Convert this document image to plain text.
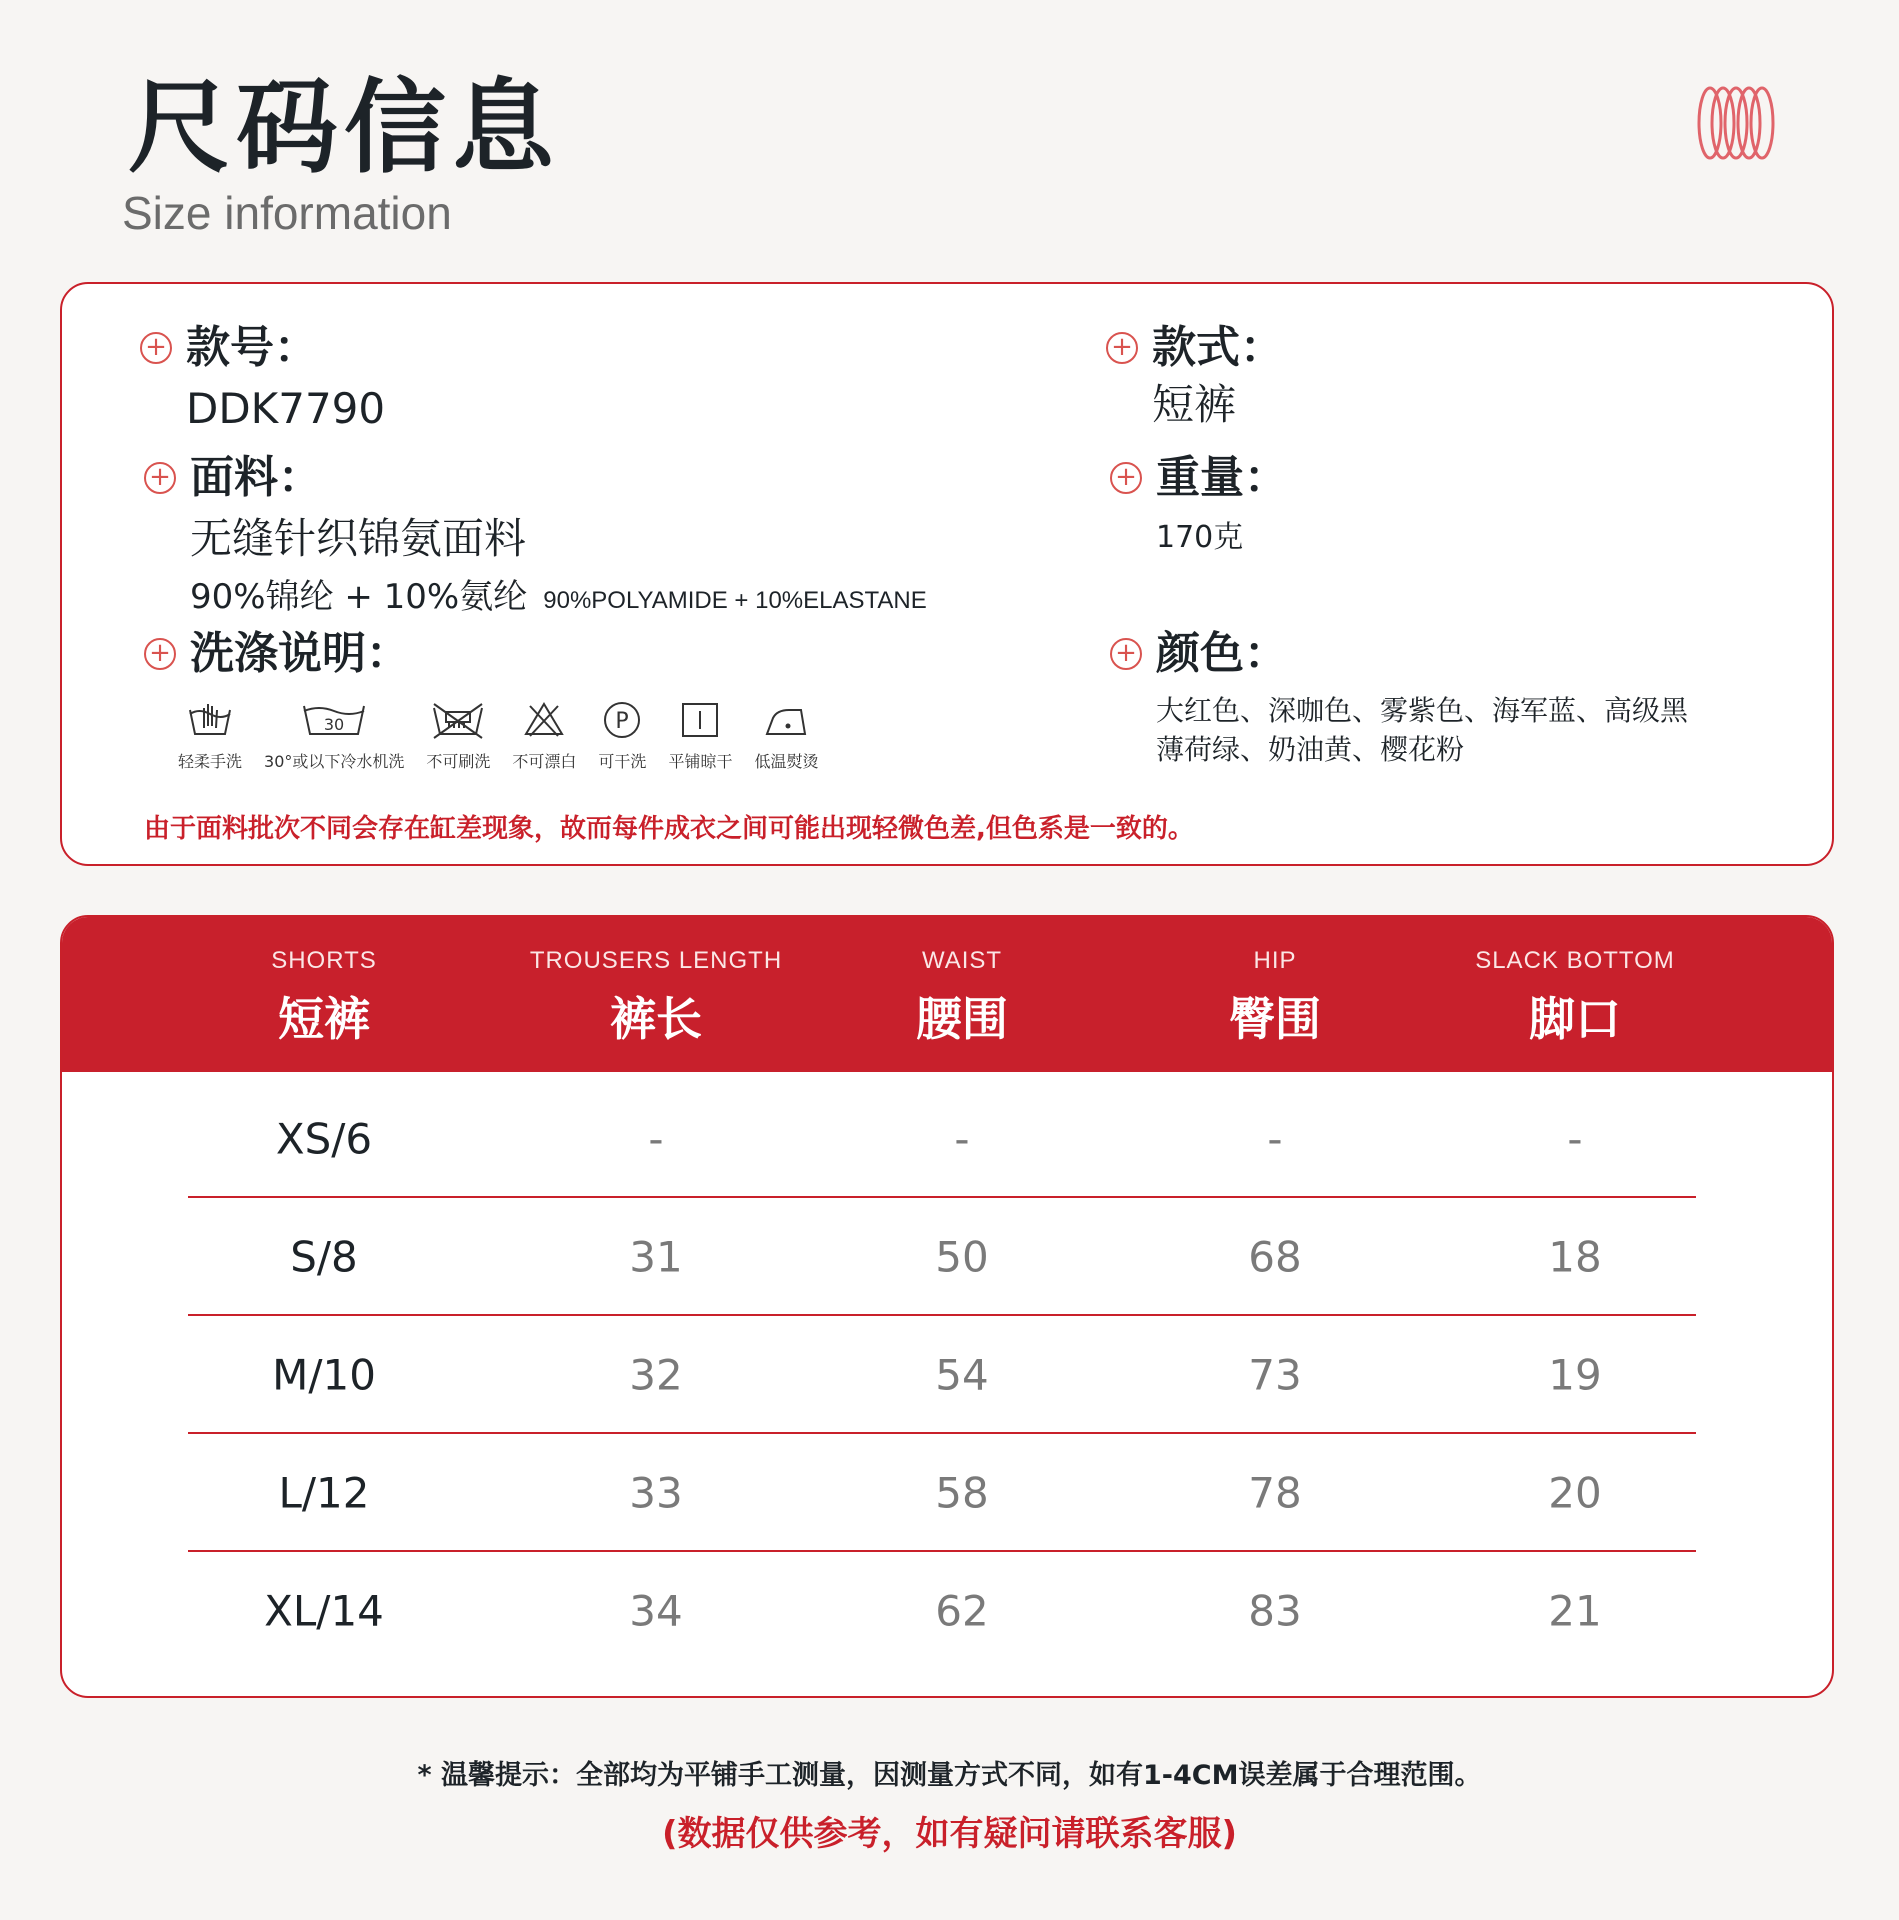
尺码信息
Size information
+ 款号：
DDK7790
+ 款式：
短裤
+ 面料：
无缝针织锦氨面料
90%锦纶 + 10%氨纶 90%POLYAMIDE + 10%ELASTANE
+ 重量：
170克
+ 洗涤说明：
轻柔手洗
30
30°或以下冷水机洗 不可刷洗 不可漂白
P
可干洗 平铺晾干 低温熨烫
+ 颜色：
大红色、深咖色、雾紫色、海军蓝、高级黑
薄荷绿、奶油黄、樱花粉
由于面料批次不同会存在缸差现象，故而每件成衣之间可能出现轻微色差,但色系是一致的。
SHORTS
短裤
TROUSERS LENGTH
裤长
WAIST
腰围
HIP
臀围
SLACK BOTTOM
脚口
XS/6	-	-	-	-
S/8	31	50	68	18
M/10	32	54	73	19
L/12	33	58	78	20
XL/14	34	62	83	21
* 温馨提示：全部均为平铺手工测量，因测量方式不同，如有1-4CM误差属于合理范围。
(数据仅供参考，如有疑问请联系客服)
